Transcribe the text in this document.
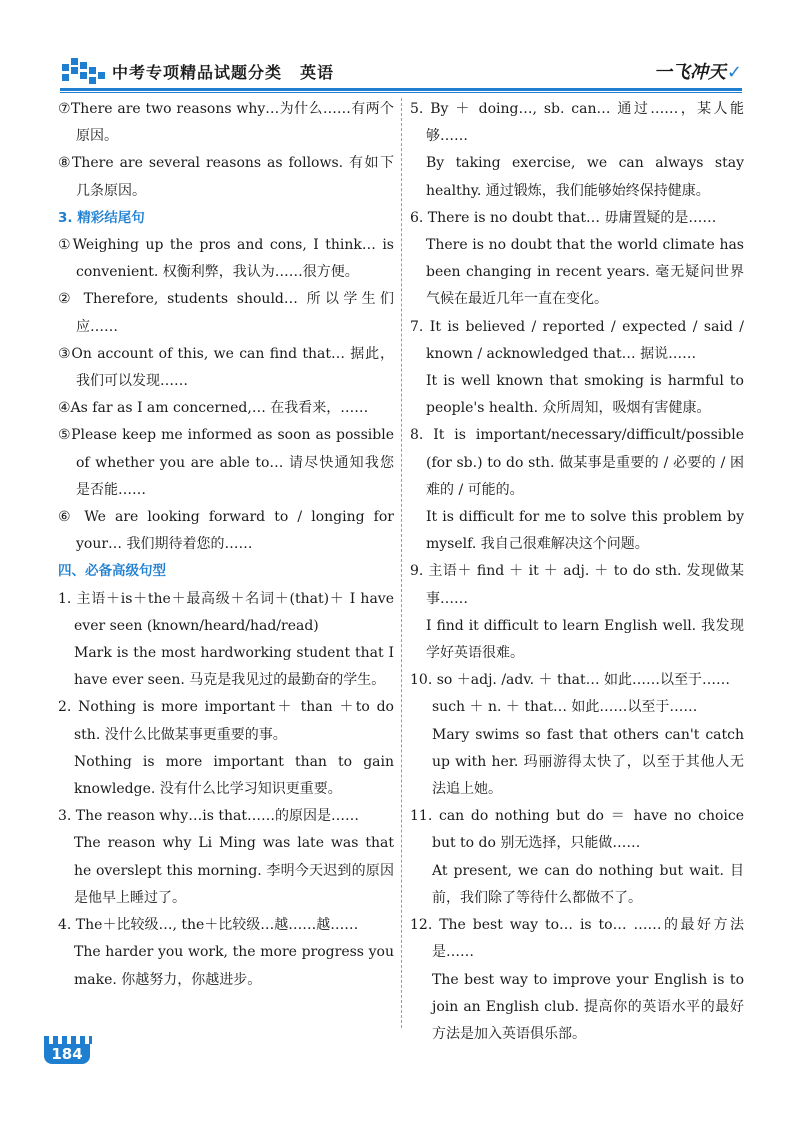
中考专项精品试题分类 英语	一飞冲天✓

⑦There are two reasons why…为什么……有两个原因。

⑧There are several reasons as follows. 有如下几条原因。

3. 精彩结尾句

①Weighing up the pros and cons, I think… is convenient. 权衡利弊，我认为……很方便。

② Therefore, students should… 所以学生们应……

③On account of this, we can find that… 据此，我们可以发现……

④As far as I am concerned,… 在我看来，……

⑤Please keep me informed as soon as possible of whether you are able to… 请尽快通知我您是否能……

⑥ We are looking forward to / longing for your… 我们期待着您的……

四、必备高级句型

1. 主语＋is＋the＋最高级＋名词＋(that)＋ I have ever seen (known/heard/had/read)

Mark is the most hardworking student that I have ever seen. 马克是我见过的最勤奋的学生。

2. Nothing is more important＋ than ＋to do sth. 没什么比做某事更重要的事。

Nothing is more important than to gain knowledge. 没有什么比学习知识更重要。

3. The reason why…is that……的原因是……

The reason why Li Ming was late was that he overslept this morning. 李明今天迟到的原因是他早上睡过了。

4. The＋比较级…, the＋比较级…越……越……

The harder you work, the more progress you make. 你越努力，你越进步。

5. By ＋ doing…, sb. can… 通过……，某人能够……

By taking exercise, we can always stay healthy. 通过锻炼，我们能够始终保持健康。

6. There is no doubt that… 毋庸置疑的是……

There is no doubt that the world climate has been changing in recent years. 毫无疑问世界气候在最近几年一直在变化。

7. It is believed / reported / expected / said / known / acknowledged that… 据说……

It is well known that smoking is harmful to people's health. 众所周知，吸烟有害健康。

8. It is important/necessary/difficult/possible (for sb.) to do sth. 做某事是重要的 / 必要的 / 困难的 / 可能的。

It is difficult for me to solve this problem by myself. 我自己很难解决这个问题。

9. 主语＋ find ＋ it ＋ adj. ＋ to do sth. 发现做某事……

I find it difficult to learn English well. 我发现学好英语很难。

10. so ＋adj. /adv. ＋ that… 如此……以至于……

such ＋ n. ＋ that… 如此……以至于……

Mary swims so fast that others can't catch up with her. 玛丽游得太快了，以至于其他人无法追上她。

11. can do nothing but do ＝ have no choice but to do 别无选择，只能做……

At present, we can do nothing but wait. 目前，我们除了等待什么都做不了。

12. The best way to… is to… ……的最好方法是……

The best way to improve your English is to join an English club. 提高你的英语水平的最好方法是加入英语俱乐部。

184
